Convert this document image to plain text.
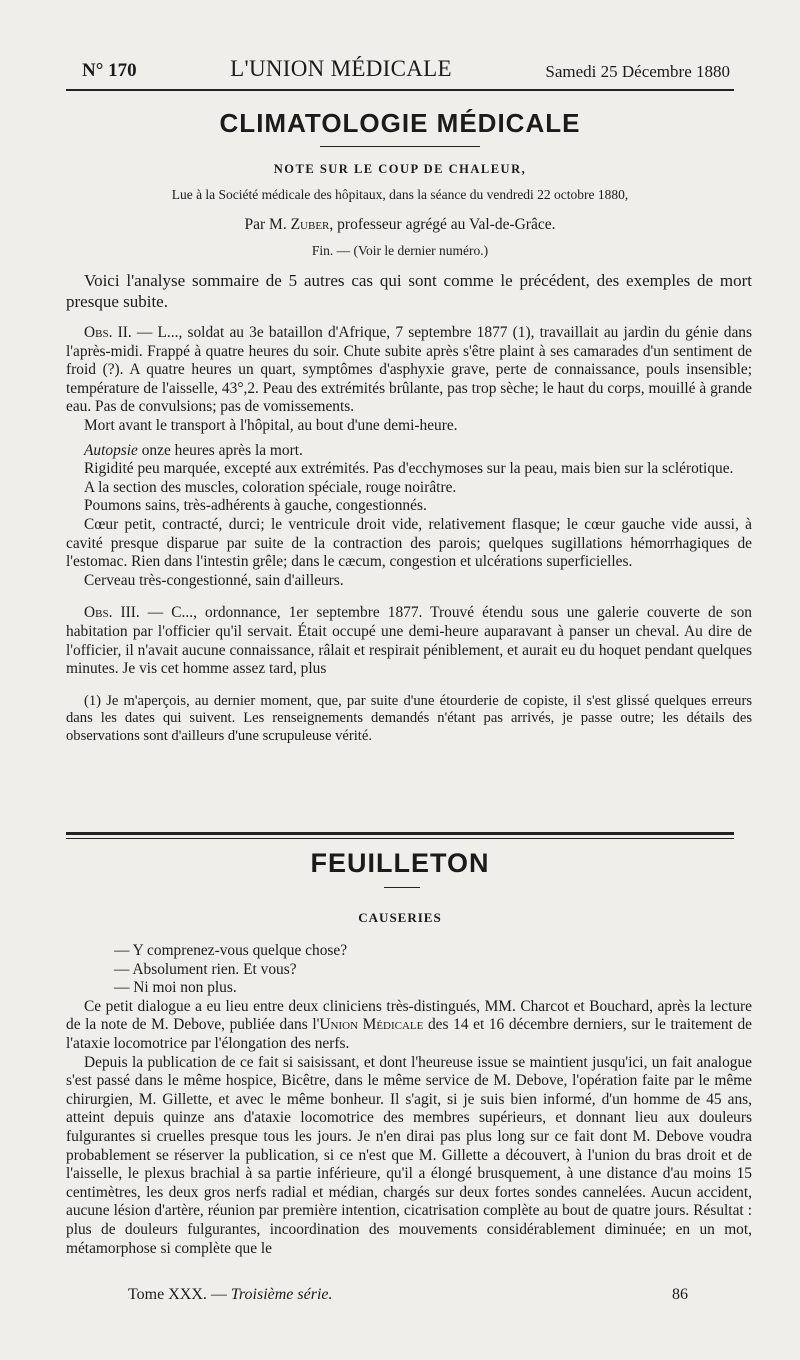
N° 170	L'UNION MÉDICALE	Samedi 25 Décembre 1880
CLIMATOLOGIE MÉDICALE
NOTE SUR LE COUP DE CHALEUR,
Lue à la Société médicale des hôpitaux, dans la séance du vendredi 22 octobre 1880,
Par M. Zuber, professeur agrégé au Val-de-Grâce.
Fin. — (Voir le dernier numéro.)

Voici l'analyse sommaire de 5 autres cas qui sont comme le précédent, des exemples de mort presque subite.

Obs. II. — L..., soldat au 3e bataillon d'Afrique, 7 septembre 1877 (1), travaillait au jardin du génie dans l'après-midi. Frappé à quatre heures du soir. Chute subite après s'être plaint à ses camarades d'un sentiment de froid (?). A quatre heures un quart, symptômes d'asphyxie grave, perte de connaissance, pouls insensible; température de l'aisselle, 43°,2. Peau des extrémités brûlante, pas trop sèche; le haut du corps, mouillé à grande eau. Pas de convulsions; pas de vomissements.

Mort avant le transport à l'hôpital, au bout d'une demi-heure.

Autopsie onze heures après la mort.

Rigidité peu marquée, excepté aux extrémités. Pas d'ecchymoses sur la peau, mais bien sur la sclérotique.

A la section des muscles, coloration spéciale, rouge noirâtre.

Poumons sains, très-adhérents à gauche, congestionnés.

Cœur petit, contracté, durci; le ventricule droit vide, relativement flasque; le cœur gauche vide aussi, à cavité presque disparue par suite de la contraction des parois; quelques sugillations hémorrhagiques de l'estomac. Rien dans l'intestin grêle; dans le cæcum, congestion et ulcérations superficielles.

Cerveau très-congestionné, sain d'ailleurs.

Obs. III. — C..., ordonnance, 1er septembre 1877. Trouvé étendu sous une galerie couverte de son habitation par l'officier qu'il servait. Était occupé une demi-heure auparavant à panser un cheval. Au dire de l'officier, il n'avait aucune connaissance, râlait et respirait péniblement, et aurait eu du hoquet pendant quelques minutes. Je vis cet homme assez tard, plus

(1) Je m'aperçois, au dernier moment, que, par suite d'une étourderie de copiste, il s'est glissé quelques erreurs dans les dates qui suivent. Les renseignements demandés n'étant pas arrivés, je passe outre; les détails des observations sont d'ailleurs d'une scrupuleuse vérité.

FEUILLETON
CAUSERIES

— Y comprenez-vous quelque chose?

— Absolument rien. Et vous?

— Ni moi non plus.

Ce petit dialogue a eu lieu entre deux cliniciens très-distingués, MM. Charcot et Bouchard, après la lecture de la note de M. Debove, publiée dans l'Union Médicale des 14 et 16 décembre derniers, sur le traitement de l'ataxie locomotrice par l'élongation des nerfs.

Depuis la publication de ce fait si saisissant, et dont l'heureuse issue se maintient jusqu'ici, un fait analogue s'est passé dans le même hospice, Bicêtre, dans le même service de M. Debove, l'opération faite par le même chirurgien, M. Gillette, et avec le même bonheur. Il s'agit, si je suis bien informé, d'un homme de 45 ans, atteint depuis quinze ans d'ataxie locomotrice des membres supérieurs, et donnant lieu aux douleurs fulgurantes si cruelles presque tous les jours. Je n'en dirai pas plus long sur ce fait dont M. Debove voudra probablement se réserver la publication, si ce n'est que M. Gillette a découvert, à l'union du bras droit et de l'aisselle, le plexus brachial à sa partie inférieure, qu'il a élongé brusquement, à une distance d'au moins 15 centimètres, les deux gros nerfs radial et médian, chargés sur deux fortes sondes cannelées. Aucun accident, aucune lésion d'artère, réunion par première intention, cicatrisation complète au bout de quatre jours. Résultat : plus de douleurs fulgurantes, incoordination des mouvements considérablement diminuée; en un mot, métamorphose si complète que le

Tome XXX. — Troisième série.	86
